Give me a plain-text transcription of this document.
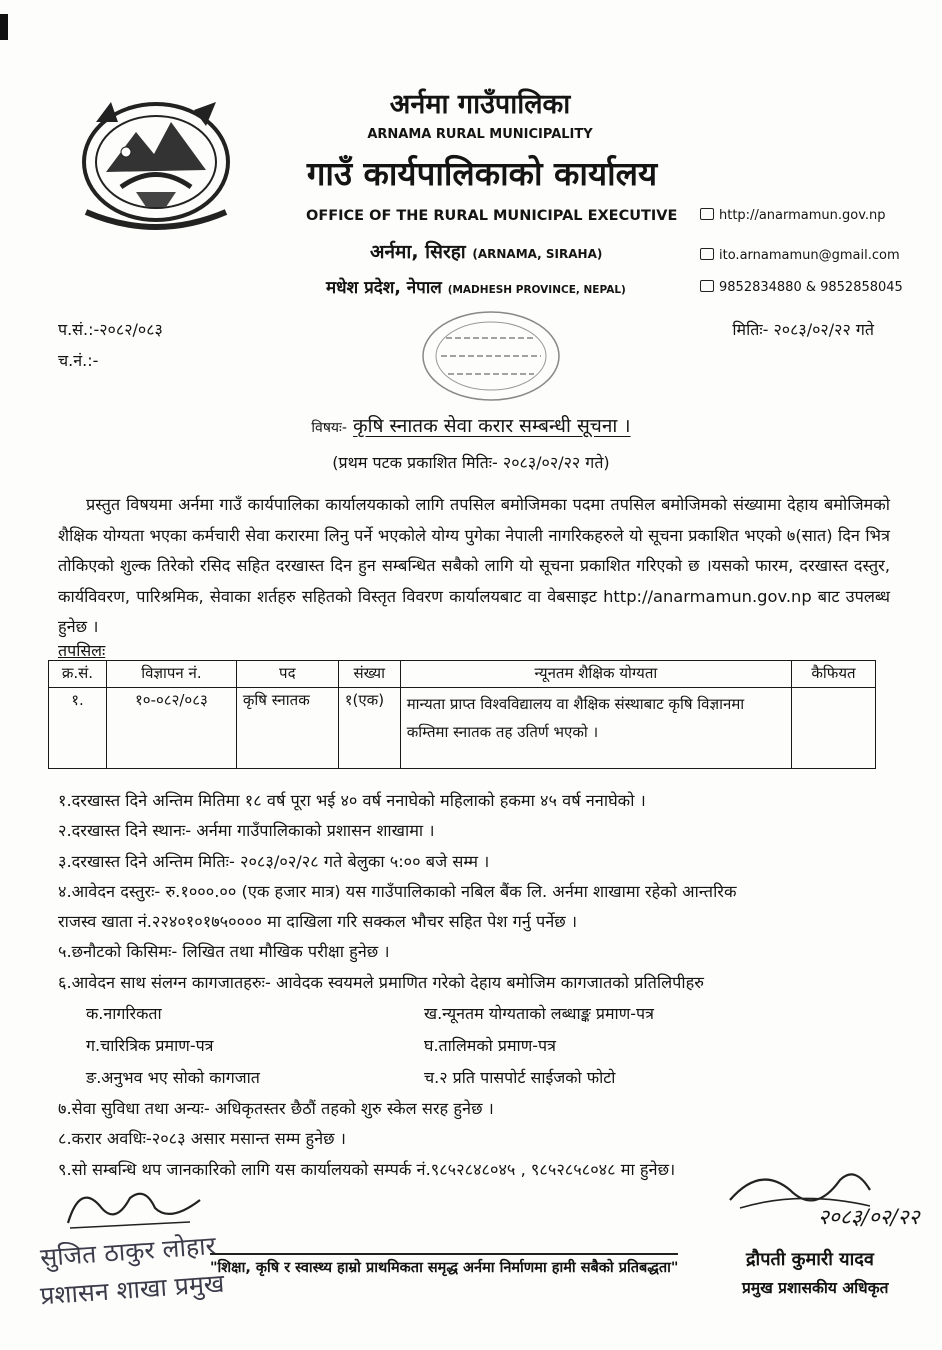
अर्नमा गाउँपालिका
ARNAMA RURAL MUNICIPALITY
गाउँ कार्यपालिकाको कार्यालय
OFFICE OF THE RURAL MUNICIPAL EXECUTIVE
अर्नमा, सिरहा (ARNAMA, SIRAHA)
मधेश प्रदेश, नेपाल (MADHESH PROVINCE, NEPAL)
http://anarmamun.gov.np
ito.arnamamun@gmail.com
9852834880 & 9852858045
प.सं.:-२०८२/०८३
च.नं.:-
मितिः- २०८३/०२/२२ गते
विषयः- कृषि स्नातक सेवा करार सम्बन्धी सूचना ।
(प्रथम पटक प्रकाशित मितिः- २०८३/०२/२२ गते)
प्रस्तुत विषयमा अर्नमा गाउँ कार्यपालिका कार्यालयकाको लागि तपसिल बमोजिमका पदमा तपसिल बमोजिमको संख्यामा देहाय बमोजिमको शैक्षिक योग्यता भएका कर्मचारी सेवा करारमा लिनु पर्ने भएकोले योग्य पुगेका नेपाली नागरिकहरुले यो सूचना प्रकाशित भएको ७(सात) दिन भित्र तोकिएको शुल्क तिरेको रसिद सहित दरखास्त दिन हुन सम्बन्धित सबैको लागि यो सूचना प्रकाशित गरिएको छ ।यसको फारम, दरखास्त दस्तुर, कार्यविवरण, पारिश्रमिक, सेवाका शर्तहरु सहितको विस्तृत विवरण कार्यालयबाट वा वेबसाइट http://anarmamun.gov.np बाट उपलब्ध हुनेछ ।
तपसिलः
क्र.सं.	विज्ञापन नं.	पद	संख्या	न्यूनतम शैक्षिक योग्यता	कैफियत
१.	१०-०८२/०८३	कृषि स्नातक	१(एक)	मान्यता प्राप्त विश्वविद्यालय वा शैक्षिक संस्थाबाट कृषि विज्ञानमा कम्तिमा स्नातक तह उतिर्ण भएको ।	
१.दरखास्त दिने अन्तिम मितिमा १८ वर्ष पूरा भई ४० वर्ष ननाघेको महिलाको हकमा ४५ वर्ष ननाघेको ।
२.दरखास्त दिने स्थानः- अर्नमा गाउँपालिकाको प्रशासन शाखामा ।
३.दरखास्त दिने अन्तिम मितिः- २०८३/०२/२८ गते बेलुका ५:०० बजे सम्म ।
४.आवेदन दस्तुरः- रु.१०००.०० (एक हजार मात्र) यस गाउँपालिकाको नबिल बैंक लि. अर्नमा शाखामा रहेको आन्तरिक
राजस्व खाता नं.२२४०१०१७५०००० मा दाखिला गरि सक्कल भौचर सहित पेश गर्नु पर्नेछ ।
५.छनौटको किसिमः- लिखित तथा मौखिक परीक्षा हुनेछ ।
६.आवेदन साथ संलग्न कागजातहरुः- आवेदक स्वयमले प्रमाणित गरेको देहाय बमोजिम कागजातको प्रतिलिपीहरु
क.नागरिकता	ख.न्यूनतम योग्यताको लब्धाङ्क प्रमाण-पत्र
ग.चारित्रिक प्रमाण-पत्र	घ.तालिमको प्रमाण-पत्र
ङ.अनुभव भए सोको कागजात	च.२ प्रति पासपोर्ट साईजको फोटो
७.सेवा सुविधा तथा अन्यः- अधिकृतस्तर छैठौं तहको शुरु स्केल सरह हुनेछ ।
८.करार अवधिः-२०८३ असार मसान्त सम्म हुनेछ ।
९.सो सम्बन्धि थप जानकारिको लागि यस कार्यालयको सम्पर्क नं.९८५२८४८०४५ , ९८५२८५८०४८ मा हुनेछ।
२०८३/०२/२२
सुजित ठाकुर लोहार
प्रशासन शाखा प्रमुख
"शिक्षा, कृषि र स्वास्थ्य हाम्रो प्राथमिकता समृद्ध अर्नमा निर्माणमा हामी सबैको प्रतिबद्धता"	द्रौपती कुमारी यादव
प्रमुख प्रशासकीय अधिकृत
